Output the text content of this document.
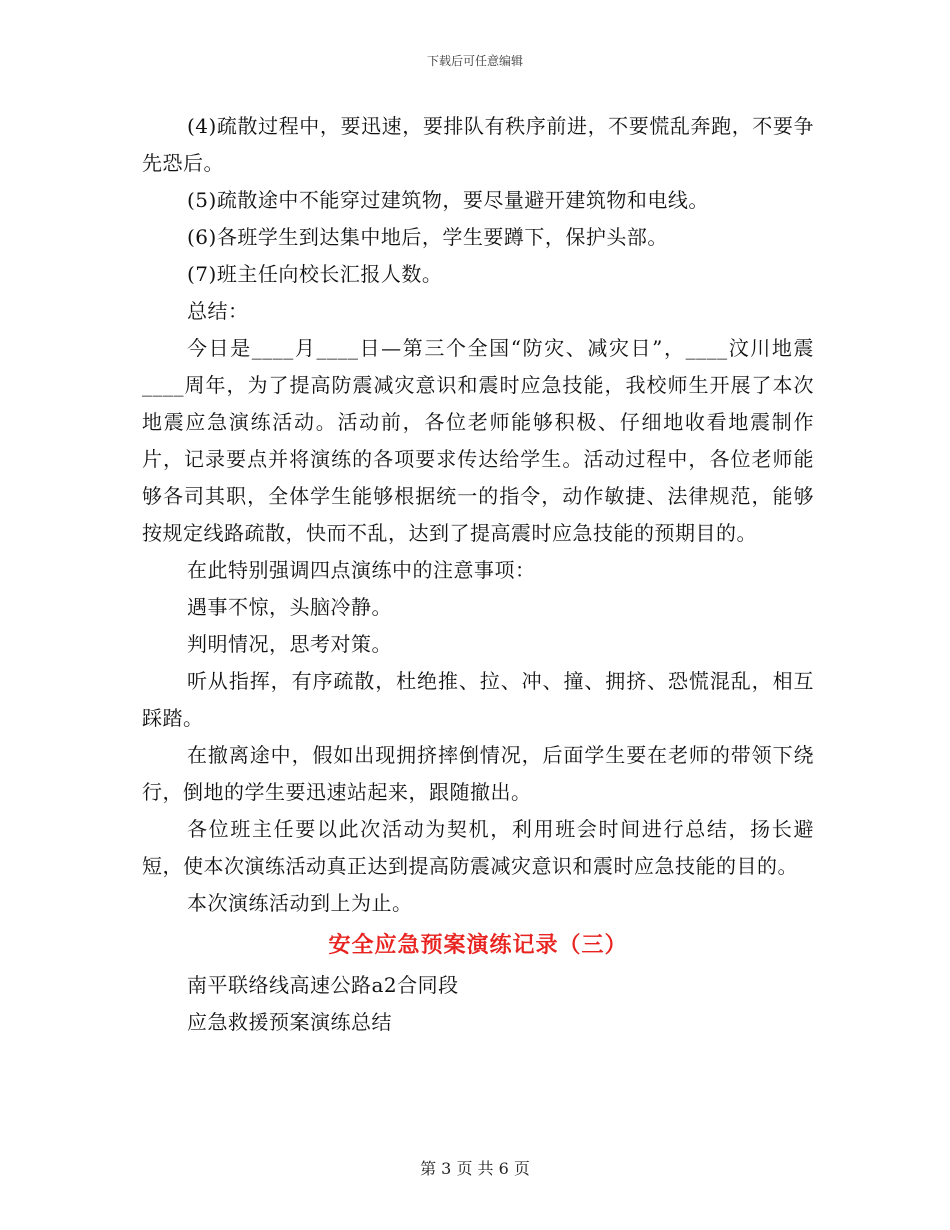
下载后可任意编辑

(4)疏散过程中，要迅速，要排队有秩序前进，不要慌乱奔跑，不要争先恐后。

(5)疏散途中不能穿过建筑物，要尽量避开建筑物和电线。

(6)各班学生到达集中地后，学生要蹲下，保护头部。

(7)班主任向校长汇报人数。

总结：

今日是____月____日—第三个全国“防灾、减灾日”，____汶川地震____周年，为了提高防震减灾意识和震时应急技能，我校师生开展了本次地震应急演练活动。活动前，各位老师能够积极、仔细地收看地震制作片，记录要点并将演练的各项要求传达给学生。活动过程中，各位老师能够各司其职，全体学生能够根据统一的指令，动作敏捷、法律规范，能够按规定线路疏散，快而不乱，达到了提高震时应急技能的预期目的。

在此特别强调四点演练中的注意事项：

遇事不惊，头脑冷静。

判明情况，思考对策。

听从指挥，有序疏散，杜绝推、拉、冲、撞、拥挤、恐慌混乱，相互踩踏。

在撤离途中，假如出现拥挤摔倒情况，后面学生要在老师的带领下绕行，倒地的学生要迅速站起来，跟随撤出。

各位班主任要以此次活动为契机，利用班会时间进行总结，扬长避短，使本次演练活动真正达到提高防震减灾意识和震时应急技能的目的。

本次演练活动到上为止。

安全应急预案演练记录（三）

南平联络线高速公路a2合同段

应急救援预案演练总结

第 3 页 共 6 页
